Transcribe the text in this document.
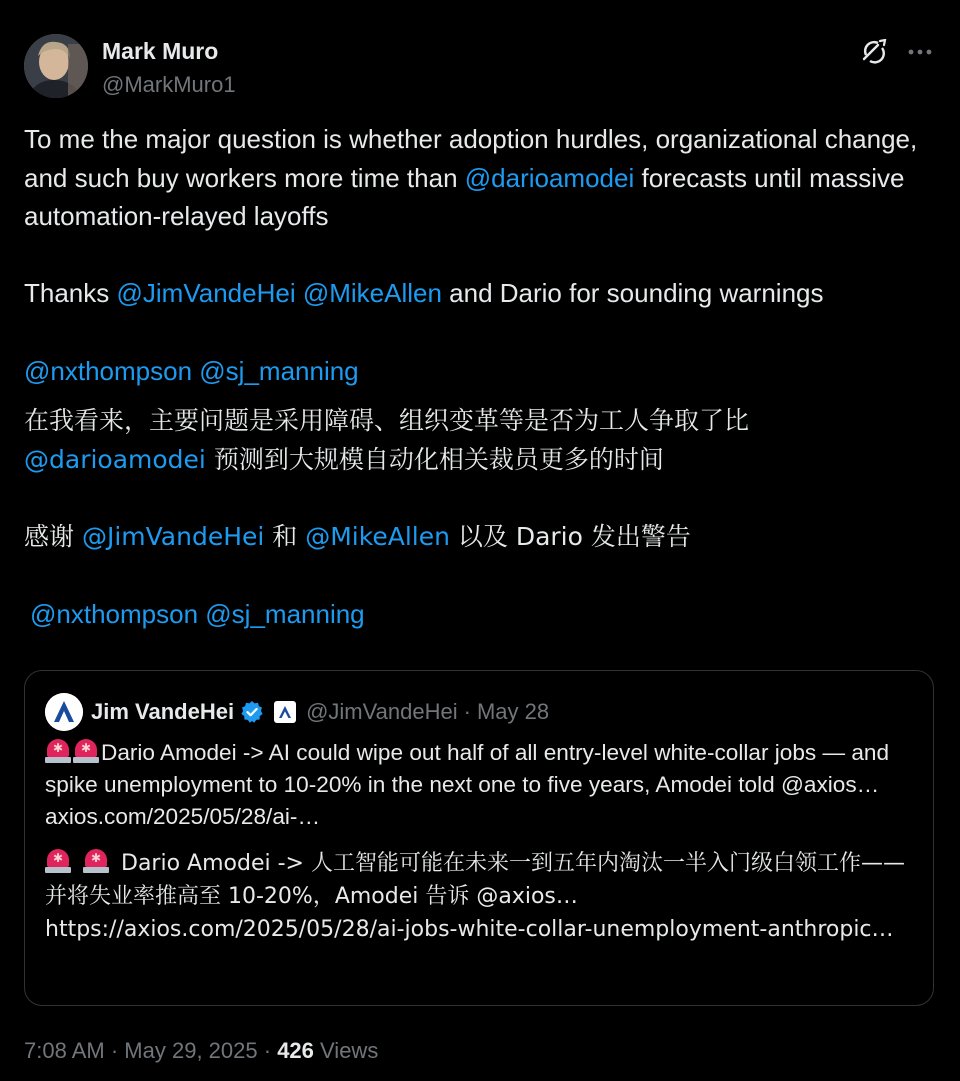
Mark Muro
@MarkMuro1

To me the major question is whether adoption hurdles, organizational change, and such buy workers more time than @darioamodei forecasts until massive automation-relayed layoffs

Thanks @JimVandeHei @MikeAllen and Dario for sounding warnings

@nxthompson @sj_manning

在我看来，主要问题是采用障碍、组织变革等是否为工人争取了比
@darioamodei 预测到大规模自动化相关裁员更多的时间

感谢 @JimVandeHei 和 @MikeAllen 以及 Dario 发出警告

@nxthompson @sj_manning

Jim VandeHei	@JimVandeHei · May 28

✱ ✱ Dario Amodei -> AI could wipe out half of all entry-level white-collar jobs — and spike unemployment to 10-20% in the next one to five years, Amodei told @axios… axios.com/2025/05/28/ai-…

✱ ✱ Dario Amodei -> 人工智能可能在未来一到五年内淘汰一半入门级白领工作——并将失业率推高至 10-20%，Amodei 告诉 @axios… https://axios.com/2025/05/28/ai-jobs-white-collar-unemployment-anthropic…

7:08 AM · May 29, 2025 · 426 Views
